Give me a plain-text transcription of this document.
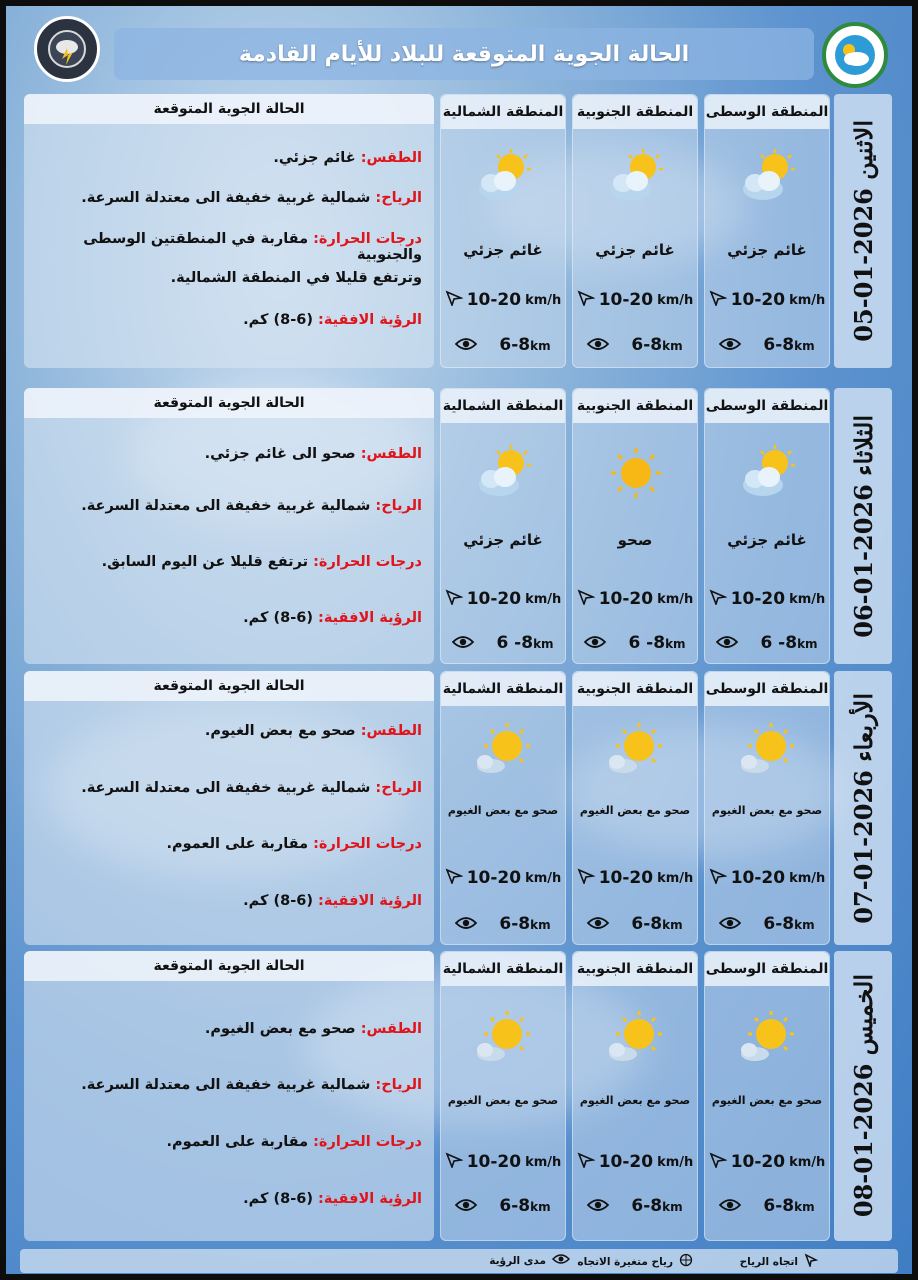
الحالة الجوية المتوقعة للبلاد للأيام القادمة
الاثنين 2026-01-05
المنطقة الوسطى
غائم جزئي
10-20 km/h
6-8km
المنطقة الجنوبية
غائم جزئي
10-20 km/h
6-8km
المنطقة الشمالية
غائم جزئي
10-20 km/h
6-8km
الحالة الجوية المتوقعة
الطقس: غائم جزئي.
الرياح: شمالية غربية خفيفة الى معتدلة السرعة.
درجات الحرارة: مقاربة في المنطقتين الوسطى والجنوبية
وترتفع قليلا في المنطقة الشمالية.
الرؤية الافقية: (6-8) كم.
الثلاثاء 2026-01-06
المنطقة الوسطى
غائم جزئي
10-20 km/h
6 -8km
المنطقة الجنوبية
صحو
10-20 km/h
6 -8km
المنطقة الشمالية
غائم جزئي
10-20 km/h
6 -8km
الحالة الجوية المتوقعة
الطقس: صحو الى غائم جزئي.
الرياح: شمالية غربية خفيفة الى معتدلة السرعة.
درجات الحرارة: ترتفع قليلا عن اليوم السابق.
الرؤية الافقية: (6-8) كم.
الأربعاء 2026-01-07
المنطقة الوسطى
صحو مع بعض الغيوم
10-20 km/h
6-8km
المنطقة الجنوبية
صحو مع بعض الغيوم
10-20 km/h
6-8km
المنطقة الشمالية
صحو مع بعض الغيوم
10-20 km/h
6-8km
الحالة الجوية المتوقعة
الطقس: صحو مع بعض الغيوم.
الرياح: شمالية غربية خفيفة الى معتدلة السرعة.
درجات الحرارة: مقاربة على العموم.
الرؤية الافقية: (6-8) كم.
الخميس 2026-01-08
المنطقة الوسطى
صحو مع بعض الغيوم
10-20 km/h
6-8km
المنطقة الجنوبية
صحو مع بعض الغيوم
10-20 km/h
6-8km
المنطقة الشمالية
صحو مع بعض الغيوم
10-20 km/h
6-8km
الحالة الجوية المتوقعة
الطقس: صحو مع بعض الغيوم.
الرياح: شمالية غربية خفيفة الى معتدلة السرعة.
درجات الحرارة: مقاربة على العموم.
الرؤية الافقية: (6-8) كم.
اتجاه الرياح
رياح متغيرة الاتجاه
مدى الرؤية
